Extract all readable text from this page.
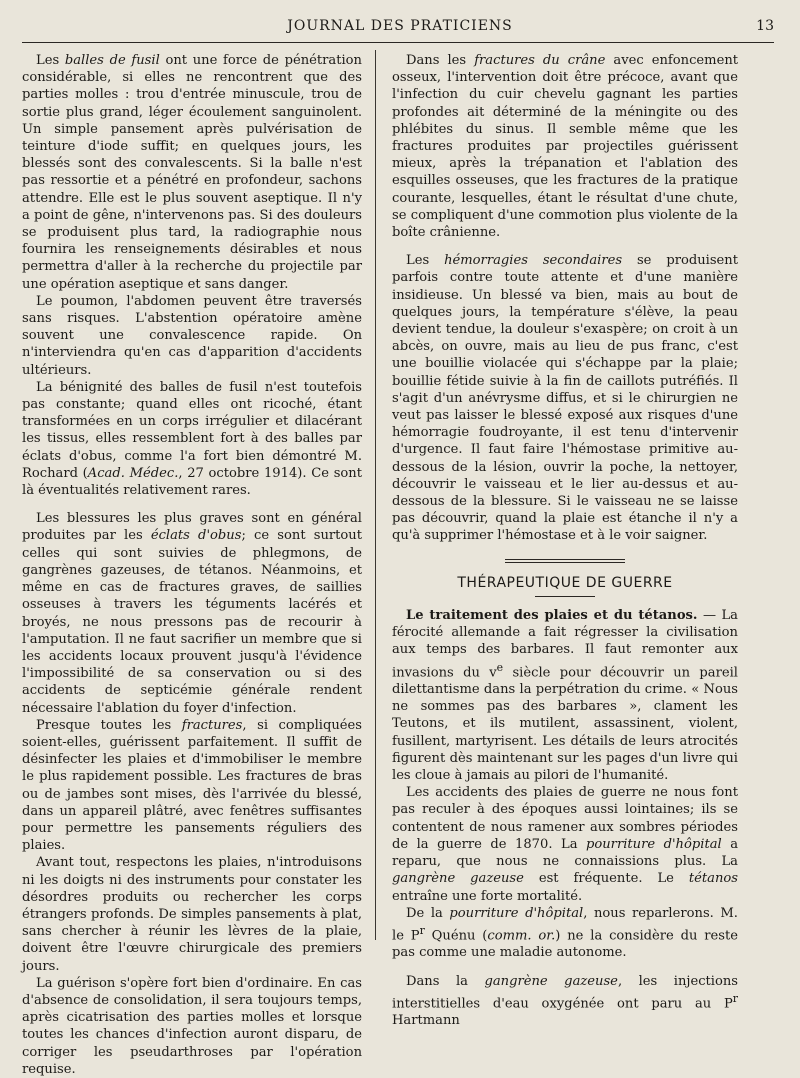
JOURNAL DES PRATICIENS	13

Les balles de fusil ont une force de pénétration considérable, si elles ne rencontrent que des parties molles : trou d'entrée minuscule, trou de sortie plus grand, léger écoulement sanguinolent. Un simple pansement après pulvérisation de teinture d'iode suffit; en quelques jours, les blessés sont des convalescents. Si la balle n'est pas ressortie et a pénétré en profondeur, sachons attendre. Elle est le plus souvent aseptique. Il n'y a point de gêne, n'intervenons pas. Si des douleurs se produisent plus tard, la radiographie nous fournira les renseignements désirables et nous permettra d'aller à la recherche du projectile par une opération aseptique et sans danger.

Le poumon, l'abdomen peuvent être traversés sans risques. L'abstention opératoire amène souvent une convalescence rapide. On n'interviendra qu'en cas d'apparition d'accidents ultérieurs.

La bénignité des balles de fusil n'est toutefois pas constante; quand elles ont ricoché, étant transformées en un corps irrégulier et dilacérant les tissus, elles ressemblent fort à des balles par éclats d'obus, comme l'a fort bien démontré M. Rochard (Acad. Médec., 27 octobre 1914). Ce sont là éventualités relativement rares.

Les blessures les plus graves sont en général produites par les éclats d'obus; ce sont surtout celles qui sont suivies de phlegmons, de gangrènes gazeuses, de tétanos. Néanmoins, et même en cas de fractures graves, de saillies osseuses à travers les téguments lacérés et broyés, ne nous pressons pas de recourir à l'amputation. Il ne faut sacrifier un membre que si les accidents locaux prouvent jusqu'à l'évidence l'impossibilité de sa conservation ou si des accidents de septicémie générale rendent nécessaire l'ablation du foyer d'infection.

Presque toutes les fractures, si compliquées soient-elles, guérissent parfaitement. Il suffit de désinfecter les plaies et d'immobiliser le membre le plus rapidement possible. Les fractures de bras ou de jambes sont mises, dès l'arrivée du blessé, dans un appareil plâtré, avec fenêtres suffisantes pour permettre les pansements réguliers des plaies.

Avant tout, respectons les plaies, n'introduisons ni les doigts ni des instruments pour constater les désordres produits ou rechercher les corps étrangers profonds. De simples pansements à plat, sans chercher à réunir les lèvres de la plaie, doivent être l'œuvre chirurgicale des premiers jours.

La guérison s'opère fort bien d'ordinaire. En cas d'absence de consolidation, il sera toujours temps, après cicatrisation des parties molles et lorsque toutes les chances d'infection auront disparu, de corriger les pseudarthroses par l'opération requise.

Dans les fractures du crâne avec enfoncement osseux, l'intervention doit être précoce, avant que l'infection du cuir chevelu gagnant les parties profondes ait déterminé de la méningite ou des phlébites du sinus. Il semble même que les fractures produites par projectiles guérissent mieux, après la trépanation et l'ablation des esquilles osseuses, que les fractures de la pratique courante, lesquelles, étant le résultat d'une chute, se compliquent d'une commotion plus violente de la boîte crânienne.

Les hémorragies secondaires se produisent parfois contre toute attente et d'une manière insidieuse. Un blessé va bien, mais au bout de quelques jours, la température s'élève, la peau devient tendue, la douleur s'exaspère; on croit à un abcès, on ouvre, mais au lieu de pus franc, c'est une bouillie violacée qui s'échappe par la plaie; bouillie fétide suivie à la fin de caillots putréfiés. Il s'agit d'un anévrysme diffus, et si le chirurgien ne veut pas laisser le blessé exposé aux risques d'une hémorragie foudroyante, il est tenu d'intervenir d'urgence. Il faut faire l'hémostase primitive au-dessous de la lésion, ouvrir la poche, la nettoyer, découvrir le vaisseau et le lier au-dessus et au-dessous de la blessure. Si le vaisseau ne se laisse pas découvrir, quand la plaie est étanche il n'y a qu'à supprimer l'hémostase et à le voir saigner.

THÉRAPEUTIQUE DE GUERRE

Le traitement des plaies et du tétanos. — La férocité allemande a fait régresser la civilisation aux temps des barbares. Il faut remonter aux invasions du $v^e$ siècle pour découvrir un pareil dilettantisme dans la perpétration du crime. « Nous ne sommes pas des barbares », clament les Teutons, et ils mutilent, assassinent, violent, fusillent, martyrisent. Les détails de leurs atrocités figurent dès maintenant sur les pages d'un livre qui les cloue à jamais au pilori de l'humanité.

Les accidents des plaies de guerre ne nous font pas reculer à des époques aussi lointaines; ils se contentent de nous ramener aux sombres périodes de la guerre de 1870. La pourriture d'hôpital a reparu, que nous ne connaissions plus. La gangrène gazeuse est fréquente. Le tétanos entraîne une forte mortalité.

De la pourriture d'hôpital, nous reparlerons. M. le $P^r$ Quénu (comm. or.) ne la considère du reste pas comme une maladie autonome.

Dans la gangrène gazeuse, les injections interstitielles d'eau oxygénée ont paru au $P^r$ Hartmann
